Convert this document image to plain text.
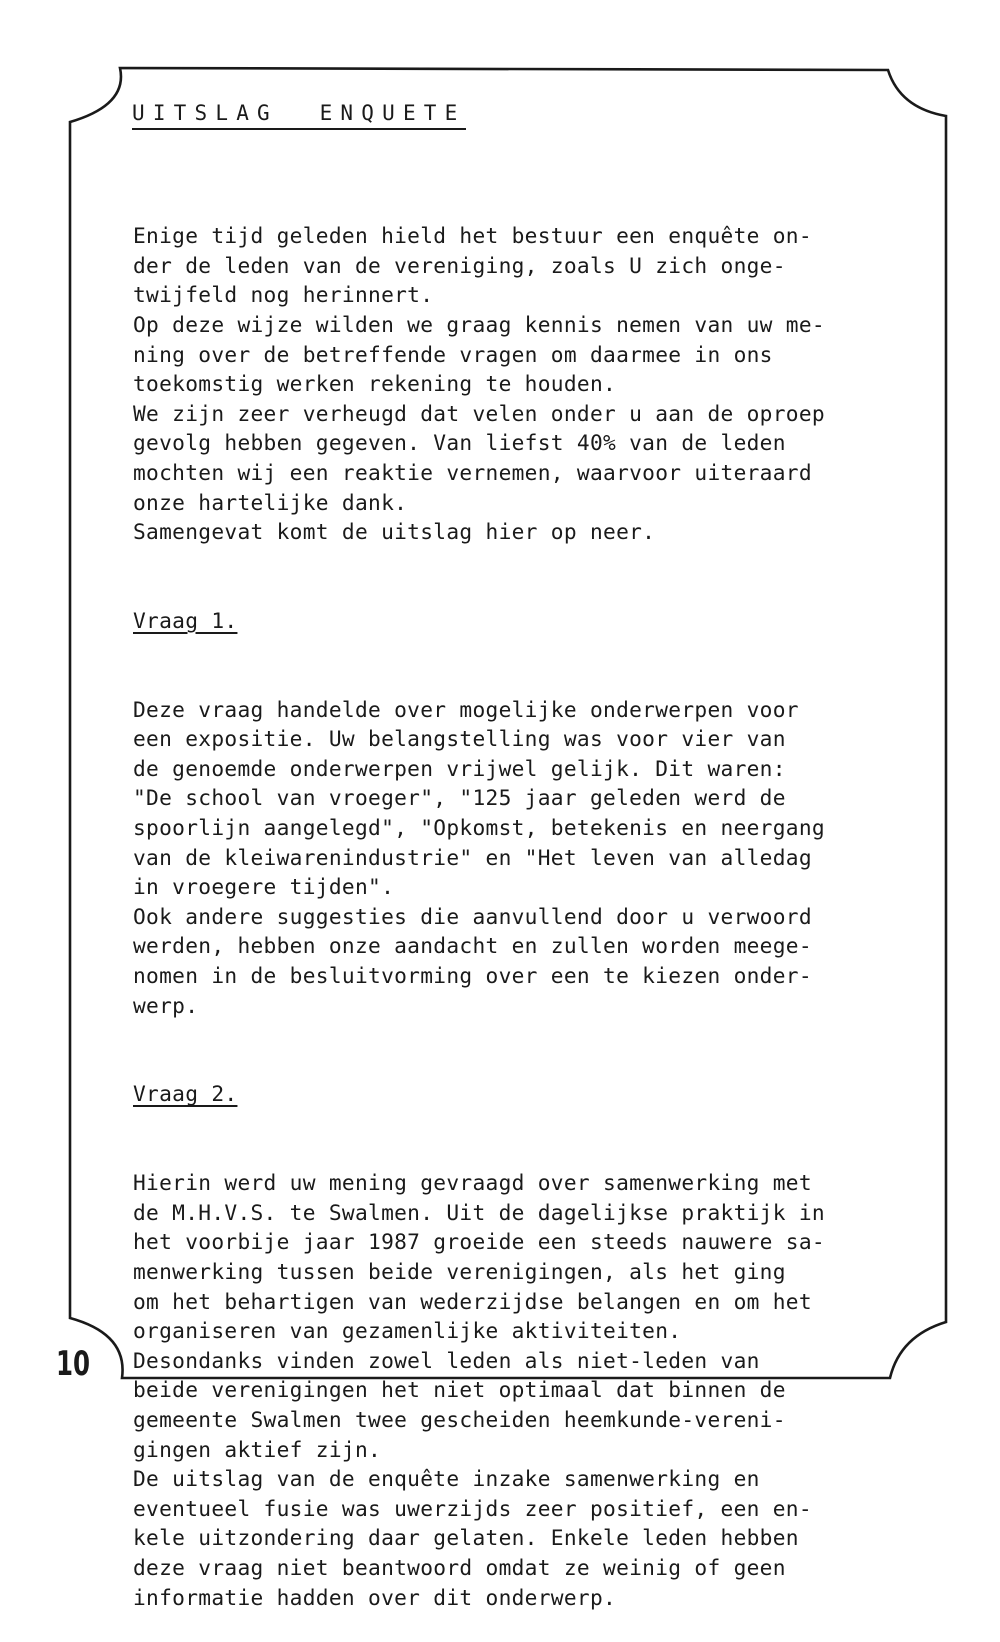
UITSLAG  ENQUETE

Enige tijd geleden hield het bestuur een enquête on-
der de leden van de vereniging, zoals U zich onge-
twijfeld nog herinnert.
Op deze wijze wilden we graag kennis nemen van uw me-
ning over de betreffende vragen om daarmee in ons
toekomstig werken rekening te houden.
We zijn zeer verheugd dat velen onder u aan de oproep
gevolg hebben gegeven. Van liefst 40% van de leden
mochten wij een reaktie vernemen, waarvoor uiteraard
onze hartelijke dank.
Samengevat komt de uitslag hier op neer.

Vraag 1.

Deze vraag handelde over mogelijke onderwerpen voor
een expositie. Uw belangstelling was voor vier van
de genoemde onderwerpen vrijwel gelijk. Dit waren:
"De school van vroeger", "125 jaar geleden werd de
spoorlijn aangelegd", "Opkomst, betekenis en neergang
van de kleiwarenindustrie" en "Het leven van alledag
in vroegere tijden".
Ook andere suggesties die aanvullend door u verwoord
werden, hebben onze aandacht en zullen worden meege-
nomen in de besluitvorming over een te kiezen onder-
werp.

Vraag 2.

Hierin werd uw mening gevraagd over samenwerking met
de M.H.V.S. te Swalmen. Uit de dagelijkse praktijk in
het voorbije jaar 1987 groeide een steeds nauwere sa-
menwerking tussen beide verenigingen, als het ging
om het behartigen van wederzijdse belangen en om het
organiseren van gezamenlijke aktiviteiten.
Desondanks vinden zowel leden als niet-leden van
beide verenigingen het niet optimaal dat binnen de
gemeente Swalmen twee gescheiden heemkunde-vereni-
gingen aktief zijn.
De uitslag van de enquête inzake samenwerking en
eventueel fusie was uwerzijds zeer positief, een en-
kele uitzondering daar gelaten. Enkele leden hebben
deze vraag niet beantwoord omdat ze weinig of geen
informatie hadden over dit onderwerp.

10
